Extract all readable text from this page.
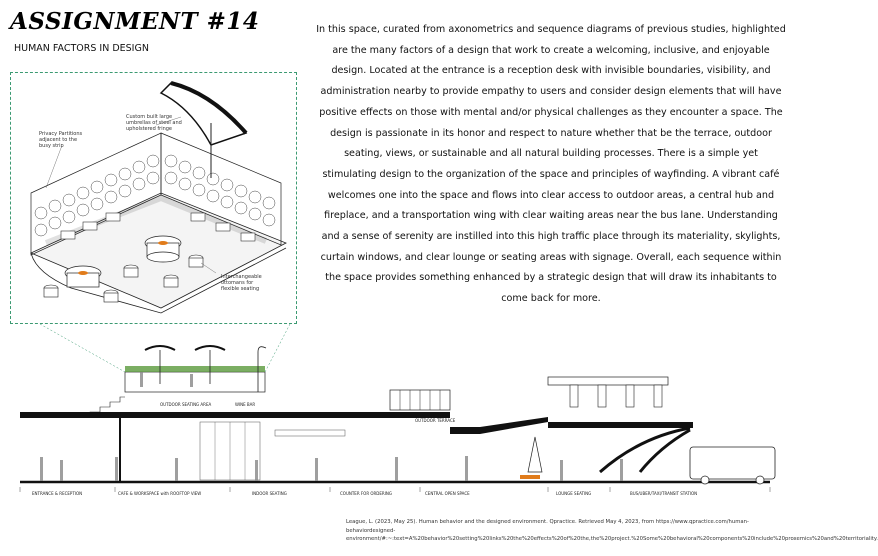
ASSIGNMENT #14
HUMAN FACTORS IN DESIGN
In this space, curated from axonometrics and sequence diagrams of previous studies, highlighted are the many factors of a design that work to create a welcoming, inclusive, and enjoyable design. Located at the entrance is a reception desk with invisible boundaries, visibility, and administration nearby to provide empathy to users and consider design elements that will have positive effects on those with mental and/or physical challenges as they encounter a space. The design is passionate in its honor and respect to nature whether that be the terrace, outdoor seating, views, or sustainable and all natural building processes. There is a simple yet stimulating design to the organization of the space and principles of wayfinding. A vibrant café welcomes one into the space and flows into clear access to outdoor areas, a central hub and fireplace, and a transportation wing with clear waiting areas near the bus lane. Understanding and a sense of serenity are instilled into this high traffic place through its materiality, skylights, curtain windows, and clear lounge or seating areas with signage. Overall, each sequence within the space provides something enhanced by a strategic design that will draw its inhabitants to come back for more.
Custom built large
umbrellas of steel and
upholstered fringe
Privacy Partitions
adjacent to the
busy strip
Interchangeable
ottomans for
flexible seating
OUTDOOR SEATING AREA	WINE BAR
OUTDOOR TERRACE
ENTRANCE & RECEPTION	CAFE & WORKSPACE with ROOFTOP VIEW	INDOOR SEATING	COUNTER FOR ORDERING	CENTRAL OPEN SPACE	LOUNGE SEATING	BUS/UBER/TAXI/TRANSIT STATION
League, L. (2023, May 25). Human behavior and the designed environment. Qpractice. Retrieved May 4, 2023, from https://www.qpractice.com/human-behaviordesigned-environment/#:~:text=A%20behavior%20setting%20links%20the%20effects%20of%20the,the%20project.%20Some%20behavioral%20components%20include%20proxemics%20and%20territoriality.
